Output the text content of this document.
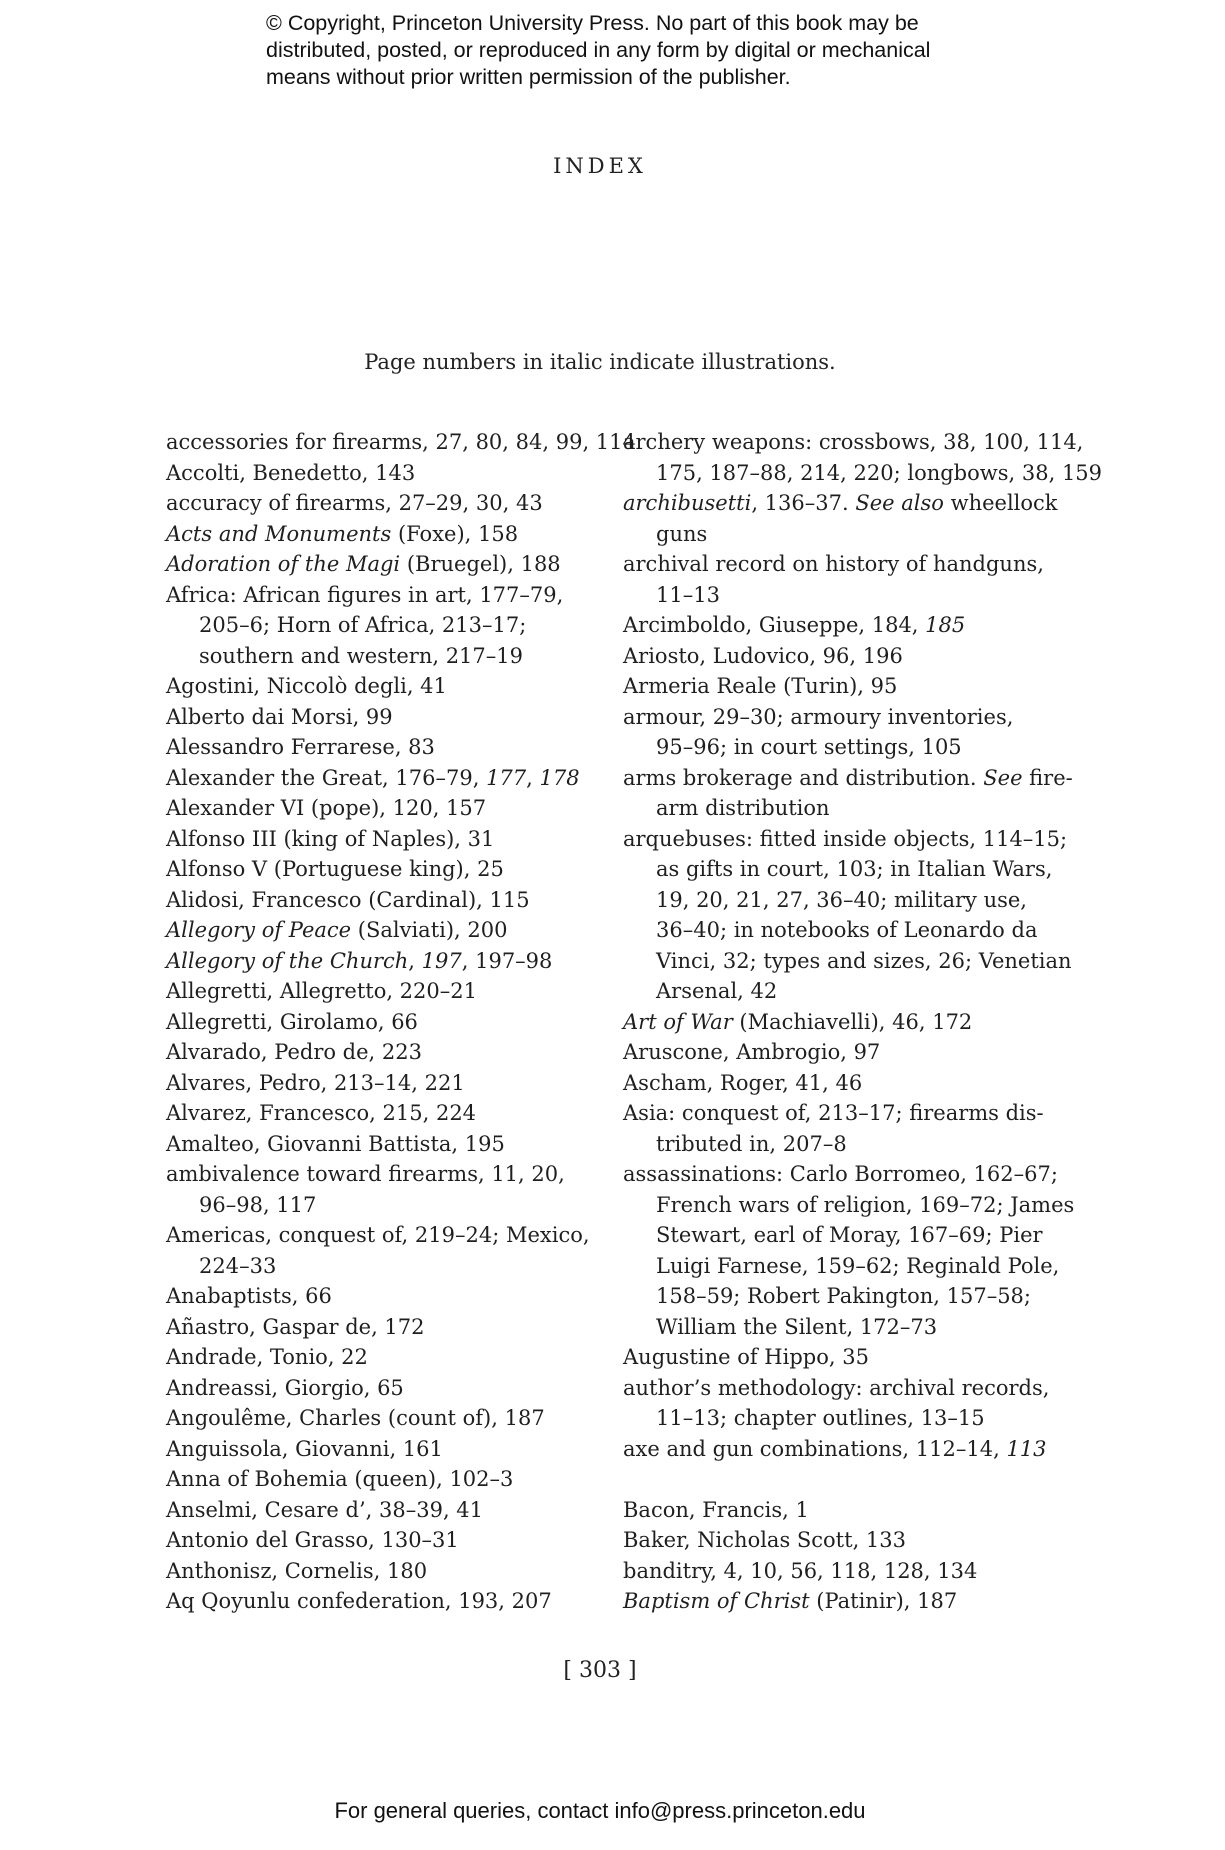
© Copyright, Princeton University Press. No part of this book may be
distributed, posted, or reproduced in any form by digital or mechanical
means without prior written permission of the publisher.
INDEX
Page numbers in italic indicate illustrations.
accessories for firearms, 27, 80, 84, 99, 114
Accolti, Benedetto, 143
accuracy of firearms, 27–29, 30, 43
Acts and Monuments (Foxe), 158
Adoration of the Magi (Bruegel), 188
Africa: African figures in art, 177–79,
205–6; Horn of Africa, 213–17;
southern and western, 217–19
Agostini, Niccolò degli, 41
Alberto dai Morsi, 99
Alessandro Ferrarese, 83
Alexander the Great, 176–79, 177, 178
Alexander VI (pope), 120, 157
Alfonso III (king of Naples), 31
Alfonso V (Portuguese king), 25
Alidosi, Francesco (Cardinal), 115
Allegory of Peace (Salviati), 200
Allegory of the Church, 197, 197–98
Allegretti, Allegretto, 220–21
Allegretti, Girolamo, 66
Alvarado, Pedro de, 223
Alvares, Pedro, 213–14, 221
Alvarez, Francesco, 215, 224
Amalteo, Giovanni Battista, 195
ambivalence toward firearms, 11, 20,
96–98, 117
Americas, conquest of, 219–24; Mexico,
224–33
Anabaptists, 66
Añastro, Gaspar de, 172
Andrade, Tonio, 22
Andreassi, Giorgio, 65
Angoulême, Charles (count of), 187
Anguissola, Giovanni, 161
Anna of Bohemia (queen), 102–3
Anselmi, Cesare d’, 38–39, 41
Antonio del Grasso, 130–31
Anthonisz, Cornelis, 180
Aq Qoyunlu confederation, 193, 207
archery weapons: crossbows, 38, 100, 114,
175, 187–88, 214, 220; longbows, 38, 159
archibusetti, 136–37. See also wheellock
guns
archival record on history of handguns,
11–13
Arcimboldo, Giuseppe, 184, 185
Ariosto, Ludovico, 96, 196
Armeria Reale (Turin), 95
armour, 29–30; armoury inventories,
95–96; in court settings, 105
arms brokerage and distribution. See fire-
arm distribution
arquebuses: fitted inside objects, 114–15;
as gifts in court, 103; in Italian Wars,
19, 20, 21, 27, 36–40; military use,
36–40; in notebooks of Leonardo da
Vinci, 32; types and sizes, 26; Venetian
Arsenal, 42
Art of War (Machiavelli), 46, 172
Aruscone, Ambrogio, 97
Ascham, Roger, 41, 46
Asia: conquest of, 213–17; firearms dis-
tributed in, 207–8
assassinations: Carlo Borromeo, 162–67;
French wars of religion, 169–72; James
Stewart, earl of Moray, 167–69; Pier
Luigi Farnese, 159–62; Reginald Pole,
158–59; Robert Pakington, 157–58;
William the Silent, 172–73
Augustine of Hippo, 35
author’s methodology: archival records,
11–13; chapter outlines, 13–15
axe and gun combinations, 112–14, 113
Bacon, Francis, 1
Baker, Nicholas Scott, 133
banditry, 4, 10, 56, 118, 128, 134
Baptism of Christ (Patinir), 187
[ 303 ]
For general queries, contact info@press.princeton.edu
